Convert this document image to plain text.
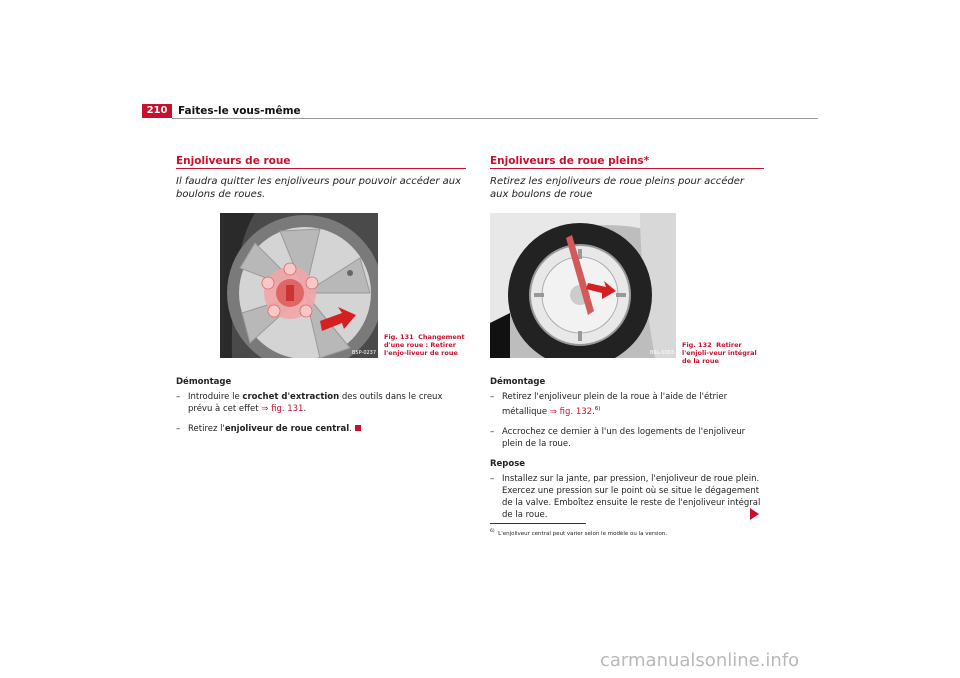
210	Faites-le vous-même
Enjoliveurs de roue
Il faudra quitter les enjoliveurs pour pouvoir accéder aux boulons de roues.
B5P-0237
Fig. 131 Changement d'une roue : Retirer l'enjo-liveur de roue
Démontage
– Introduire le crochet d'extraction des outils dans le creux prévu à cet effet ⇒ fig. 131.
– Retirez l'enjoliveur de roue central.
Enjoliveurs de roue pleins*
Retirez les enjoliveurs de roue pleins pour accéder aux boulons de roue
B6L-0063
Fig. 132 Retirer l'enjoli-veur intégral de la roue
Démontage
– Retirez l'enjoliveur plein de la roue à l'aide de l'étrier métallique ⇒ fig. 132.$^{6)}$
– Accrochez ce dernier à l'un des logements de l'enjoliveur plein de la roue.
Repose
– Installez sur la jante, par pression, l'enjoliveur de roue plein. Exercez une pression sur le point où se situe le dégagement de la valve. Emboîtez ensuite le reste de l'enjoliveur intégral de la roue.
$^{6)}$ L'enjoliveur central peut varier selon le modèle ou la version.
carmanualsonline.info
